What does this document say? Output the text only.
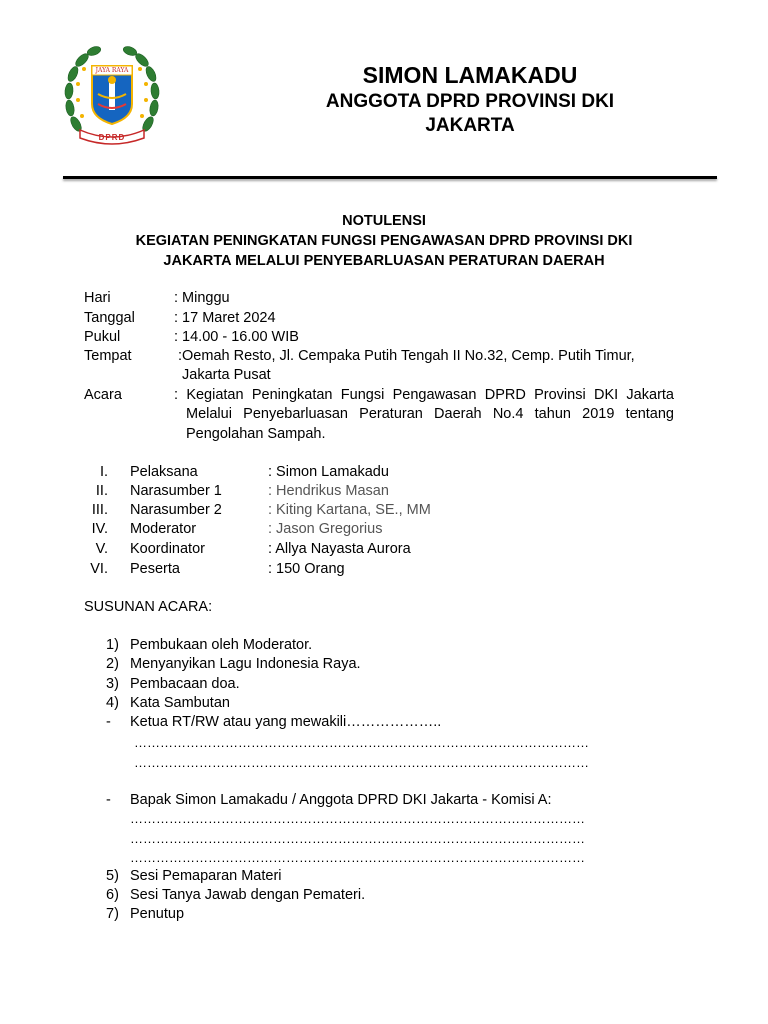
JAYA RAYA
DPRD
SIMON LAMAKADU
ANGGOTA DPRD PROVINSI DKI
JAKARTA
NOTULENSI
KEGIATAN PENINGKATAN FUNGSI PENGAWASAN DPRD PROVINSI DKI
JAKARTA MELALUI PENYEBARLUASAN PERATURAN DAERAH
Hari	: Minggu
Tanggal	: 17 Maret 2024
Pukul	: 14.00 - 16.00 WIB
Tempat	:Oemah Resto, Jl. Cempaka Putih Tengah II No.32, Cemp. Putih Timur,
Jakarta Pusat
Acara	: Kegiatan Peningkatan Fungsi Pengawasan DPRD Provinsi DKI Jakarta
Melalui Penyebarluasan Peraturan Daerah No.4 tahun 2019 tentang
Pengolahan Sampah.
I. Pelaksana	: Simon Lamakadu
II. Narasumber 1	: Hendrikus Masan
III. Narasumber 2	: Kiting Kartana, SE., MM
IV. Moderator	: Jason Gregorius
V. Koordinator	: Allya Nayasta Aurora
VI. Peserta	: 150 Orang
SUSUNAN ACARA:
1) Pembukaan oleh Moderator.
2) Menyanyikan Lagu Indonesia Raya.
3) Pembacaan doa.
4) Kata Sambutan
- Ketua RT/RW atau yang mewakili………………..
……………………………………………………………………………………………
……………………………………………………………………………………………
- Bapak Simon Lamakadu / Anggota DPRD DKI Jakarta - Komisi A:
……………………………………………………………………………………………
……………………………………………………………………………………………
……………………………………………………………………………………………
5) Sesi Pemaparan Materi
6) Sesi Tanya Jawab dengan Pemateri.
7) Penutup
